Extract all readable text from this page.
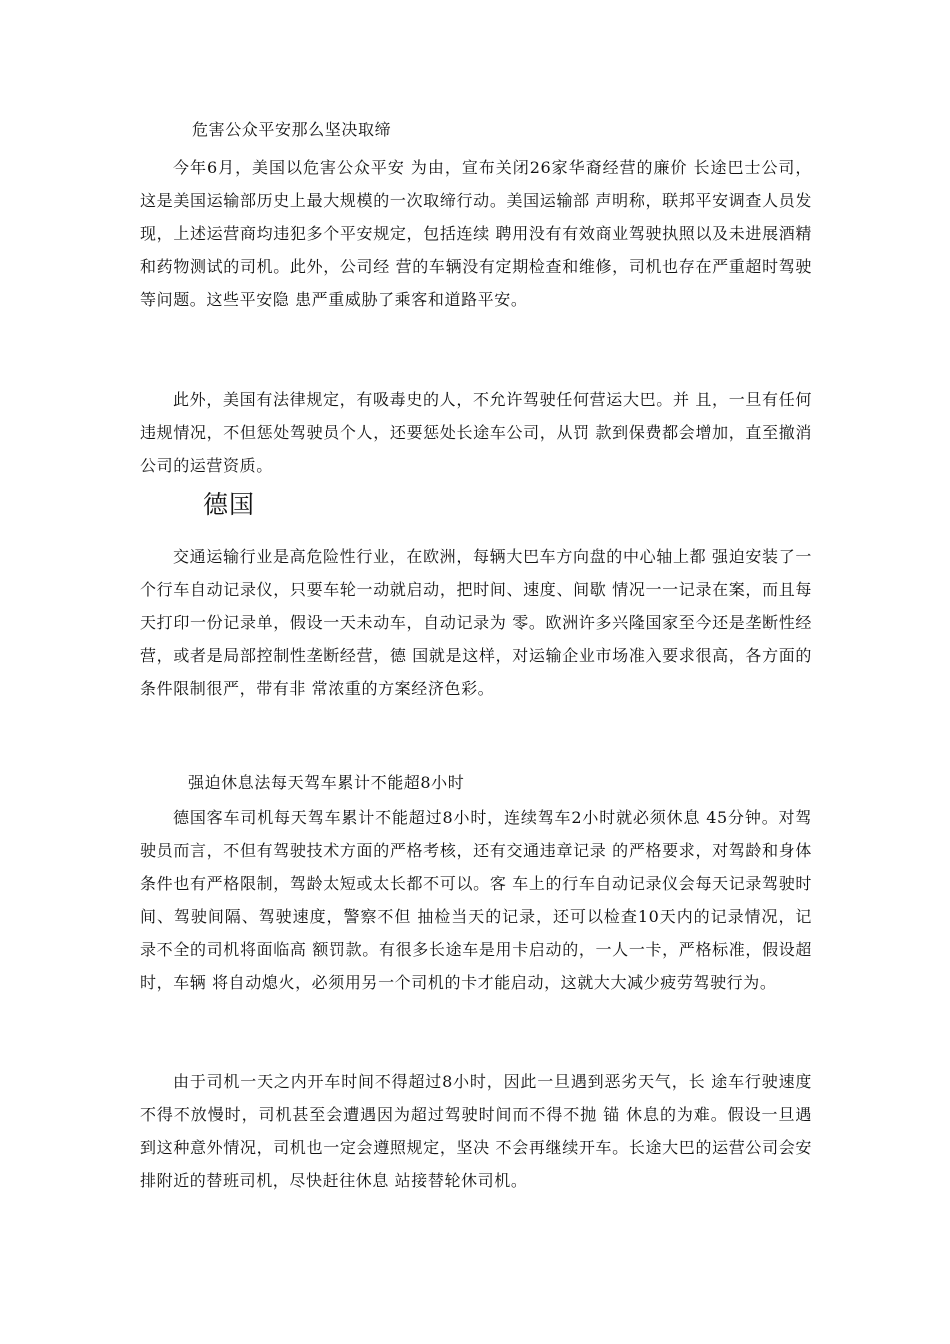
危害公众平安那么坚决取缔

今年6月，美国以危害公众平安 为由，宣布关闭26家华裔经营的廉价 长途巴士公司，这是美国运输部历史上最大规模的一次取缔行动。美国运输部 声明称，联邦平安调查人员发现，上述运营商均违犯多个平安规定，包括连续 聘用没有有效商业驾驶执照以及未进展酒精和药物测试的司机。此外，公司经 营的车辆没有定期检查和维修，司机也存在严重超时驾驶等问题。这些平安隐 患严重威胁了乘客和道路平安。

此外，美国有法律规定，有吸毒史的人，不允许驾驶任何营运大巴。并 且，一旦有任何违规情况，不但惩处驾驶员个人，还要惩处长途车公司，从罚 款到保费都会增加，直至撤消公司的运营资质。

德国

交通运输行业是高危险性行业，在欧洲，每辆大巴车方向盘的中心轴上都 强迫安装了一个行车自动记录仪，只要车轮一动就启动，把时间、速度、间歇 情况一一记录在案，而且每天打印一份记录单，假设一天未动车，自动记录为 零。欧洲许多兴隆国家至今还是垄断性经营，或者是局部控制性垄断经营，德 国就是这样，对运输企业市场准入要求很高，各方面的条件限制很严，带有非 常浓重的方案经济色彩。

强迫休息法每天驾车累计不能超8小时

德国客车司机每天驾车累计不能超过8小时，连续驾车2小时就必须休息 45分钟。对驾驶员而言，不但有驾驶技术方面的严格考核，还有交通违章记录 的严格要求，对驾龄和身体条件也有严格限制，驾龄太短或太长都不可以。客 车上的行车自动记录仪会每天记录驾驶时间、驾驶间隔、驾驶速度，警察不但 抽检当天的记录，还可以检查10天内的记录情况，记录不全的司机将面临高 额罚款。有很多长途车是用卡启动的，一人一卡，严格标准，假设超时，车辆 将自动熄火，必须用另一个司机的卡才能启动，这就大大减少疲劳驾驶行为。

由于司机一天之内开车时间不得超过8小时，因此一旦遇到恶劣天气，长 途车行驶速度不得不放慢时，司机甚至会遭遇因为超过驾驶时间而不得不抛 锚 休息的为难。假设一旦遇到这种意外情况，司机也一定会遵照规定，坚决 不会再继续开车。长途大巴的运营公司会安排附近的替班司机，尽快赶往休息 站接替轮休司机。
